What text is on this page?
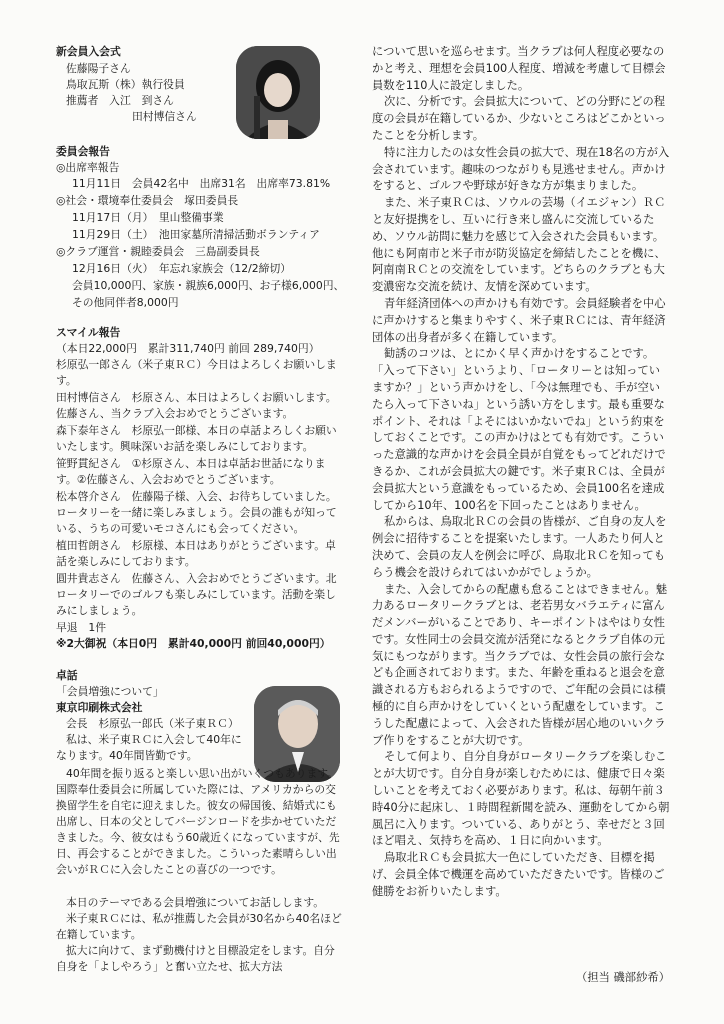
新会員入会式
佐藤陽子さん
鳥取瓦斯（株）執行役員
推薦者　入江　到さん
田村博信さん
委員会報告
◎出席率報告
11月11日　会員42名中　出席31名　出席率73.81%
◎社会・環境奉仕委員会　塚田委員長
11月17日（月）　里山整備事業
11月29日（土）　池田家墓所清掃活動ボランティア
◎クラブ運営・親睦委員会　三島副委員長
12月16日（火）　年忘れ家族会（12/2締切）
会員10,000円、家族・親族6,000円、お子様6,000円、
その他同伴者8,000円
スマイル報告
（本日22,000円　累計311,740円 前回 289,740円）
杉原弘一郎さん（米子東ＲＣ）今日はよろしくお願いします。
田村博信さん　杉原さん、本日はよろしくお願いします。佐藤さん、当クラブ入会おめでとうございます。
森下泰年さん　杉原弘一郎様、本日の卓話よろしくお願いいたします。興味深いお話を楽しみにしております。
笹野貫紀さん　①杉原さん、本日は卓話お世話になります。②佐藤さん、入会おめでとうございます。
松本啓介さん　佐藤陽子様、入会、お待ちしていました。ロータリーを一緒に楽しみましょう。会員の誰もが知っている、うちの可愛いモコさんにも会ってください。
植田哲朗さん　杉原様、本日はありがとうございます。卓話を楽しみにしております。
圓井貴志さん　佐藤さん、入会おめでとうございます。北ロータリーでのゴルフも楽しみにしています。活動を楽しみにしましょう。
早退　1件
※2大御祝（本日0円　累計40,000円 前回40,000円）
卓話
「会員増強について」
東京印刷株式会社
会長　杉原弘一郎氏（米子東ＲＣ）
私は、米子東ＲＣに入会して40年になります。40年間皆勤です。
40年間を振り返ると楽しい思い出がいくつもあります。国際奉仕委員会に所属していた際には、アメリカからの交換留学生を自宅に迎えました。彼女の帰国後、結婚式にも出席し、日本の父としてバージンロードを歩かせていただきました。今、彼女はもう60歳近くになっていますが、先日、再会することができました。こういった素晴らしい出会いがＲＣに入会したことの喜びの一つです。
本日のテーマである会員増強についてお話しします。
米子東ＲＣには、私が推薦した会員が30名から40名ほど在籍しています。
拡大に向けて、まず動機付けと目標設定をします。自分自身を「よしやろう」と奮い立たせ、拡大方法
について思いを巡らせます。当クラブは何人程度必要なのかと考え、理想を会員100人程度、増減を考慮して目標会員数を110人に設定しました。
次に、分析です。会員拡大について、どの分野にどの程度の会員が在籍しているか、少ないところはどこかといったことを分析します。
特に注力したのは女性会員の拡大で、現在18名の方が入会されています。趣味のつながりも見逃せません。声かけをすると、ゴルフや野球が好きな方が集まりました。
また、米子東ＲＣは、ソウルの芸場（イエジャン）ＲＣと友好提携をし、互いに行き来し盛んに交流しているため、ソウル訪問に魅力を感じて入会された会員もいます。他にも阿南市と米子市が防災協定を締結したことを機に、阿南南ＲＣとの交流をしています。どちらのクラブとも大変濃密な交流を続け、友情を深めています。
青年経済団体への声かけも有効です。会員経験者を中心に声かけすると集まりやすく、米子東ＲＣには、青年経済団体の出身者が多く在籍しています。
勧誘のコツは、とにかく早く声かけをすることです。「入って下さい」というより、「ロータリーとは知っていますか？」という声かけをし、「今は無理でも、手が空いたら入って下さいね」という誘い方をします。最も重要なポイント、それは「よそにはいかないでね」という約束をしておくことです。この声かけはとても有効です。こういった意識的な声かけを会員全員が自覚をもってどれだけできるか、これが会員拡大の鍵です。米子東ＲＣは、全員が会員拡大という意識をもっているため、会員100名を達成してから10年、100名を下回ったことはありません。
私からは、鳥取北ＲＣの会員の皆様が、ご自身の友人を例会に招待することを提案いたします。一人あたり何人と決めて、会員の友人を例会に呼び、鳥取北ＲＣを知ってもらう機会を設けられてはいかがでしょうか。
また、入会してからの配慮も怠ることはできません。魅力あるロータリークラブとは、老若男女バラエティに富んだメンバーがいることであり、キーポイントはやはり女性です。女性同士の会員交流が活発になるとクラブ自体の元気にもつながります。当クラブでは、女性会員の旅行会なども企画されております。また、年齢を重ねると退会を意識される方もおられるようですので、ご年配の会員には積極的に自ら声かけをしていくという配慮をしています。こうした配慮によって、入会された皆様が居心地のいいクラブ作りをすることが大切です。
そして何より、自分自身がロータリークラブを楽しむことが大切です。自分自身が楽しむためには、健康で日々楽しいことを考えておく必要があります。私は、毎朝午前３時40分に起床し、１時間程新聞を読み、運動をしてから朝風呂に入ります。ついている、ありがとう、幸せだと３回ほど唱え、気持ちを高め、１日に向かいます。
鳥取北ＲＣも会員拡大一色にしていただき、目標を掲げ、会員全体で機運を高めていただきたいです。皆様のご健勝をお祈りいたします。
（担当 磯部紗希）
